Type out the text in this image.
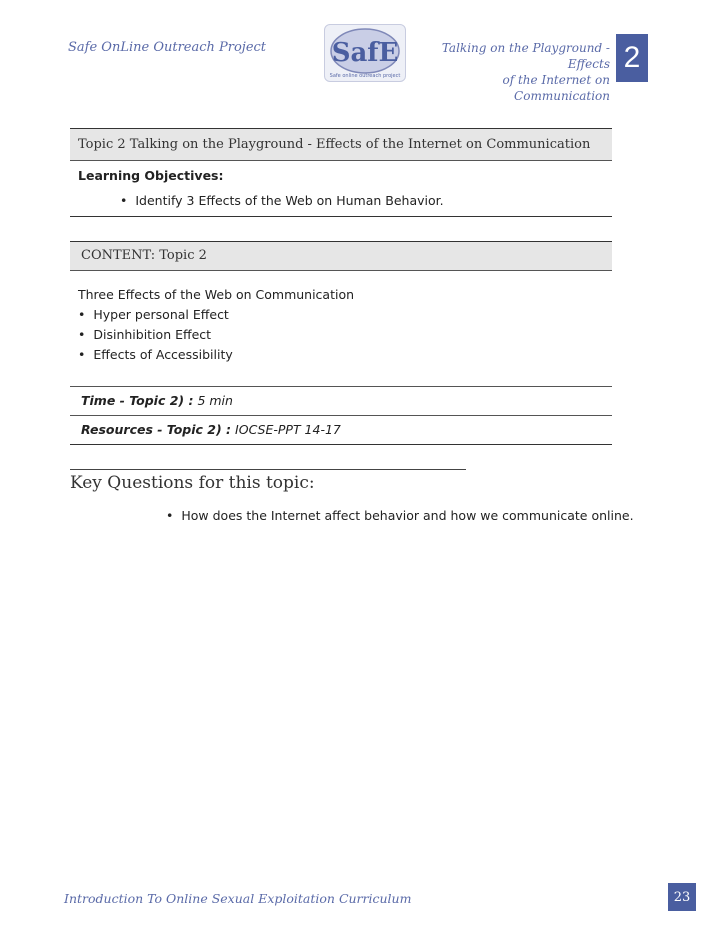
Safe OnLine Outreach Project	SafE
Safe online outreach project
Talking on the Playground - Effects
of the Internet on Communication
2
Topic 2 Talking on the Playground - Effects of the Internet on Communication
Learning Objectives:
• Identify 3 Effects of the Web on Human Behavior.
CONTENT: Topic 2
Three Effects of the Web on Communication
• Hyper personal Effect
• Disinhibition Effect
• Effects of Accessibility
Time - Topic 2) : 5 min
Resources - Topic 2) : IOCSE-PPT 14-17
Key Questions for this topic:
• How does the Internet affect behavior and how we communicate online.
Introduction To Online Sexual Exploitation Curriculum	23
